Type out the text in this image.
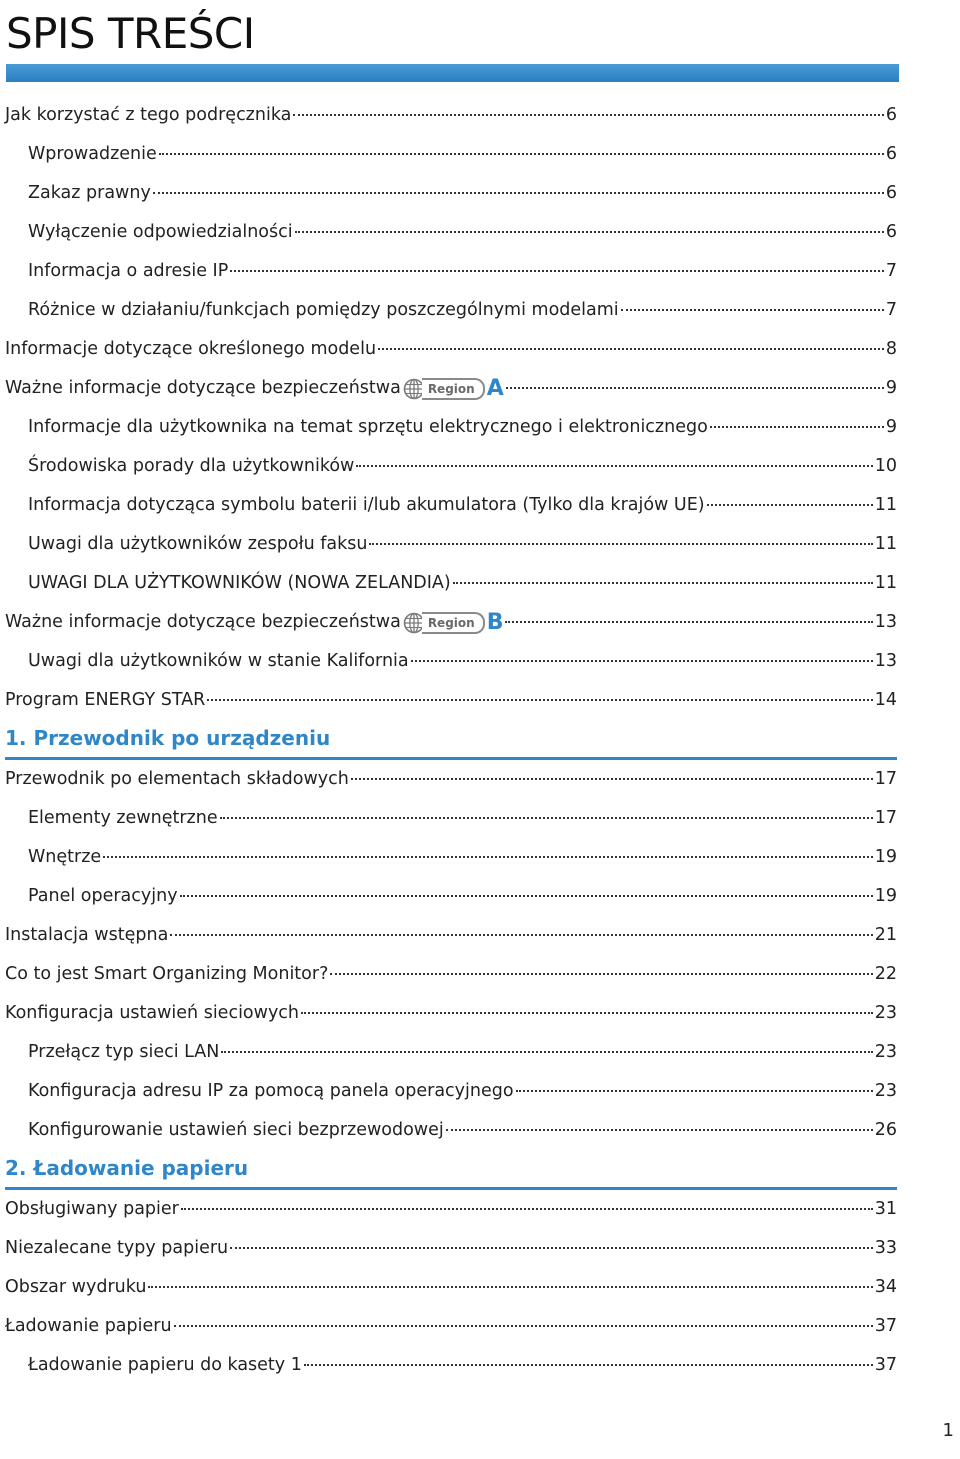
SPIS TREŚCI
Jak korzystać z tego podręcznika	6
Wprowadzenie	6
Zakaz prawny	6
Wyłączenie odpowiedzialności	6
Informacja o adresie IP	7
Różnice w działaniu/funkcjach pomiędzy poszczególnymi modelami	7
Informacje dotyczące określonego modelu	8
Ważne informacje dotyczące bezpieczeństwa	Region A	9
Informacje dla użytkownika na temat sprzętu elektrycznego i elektronicznego	9
Środowiska porady dla użytkowników	10
Informacja dotycząca symbolu baterii i/lub akumulatora (Tylko dla krajów UE)	11
Uwagi dla użytkowników zespołu faksu	11
UWAGI DLA UŻYTKOWNIKÓW (NOWA ZELANDIA)	11
Ważne informacje dotyczące bezpieczeństwa	Region B	13
Uwagi dla użytkowników w stanie Kalifornia	13
Program ENERGY STAR	14
1. Przewodnik po urządzeniu
Przewodnik po elementach składowych	17
Elementy zewnętrzne	17
Wnętrze	19
Panel operacyjny	19
Instalacja wstępna	21
Co to jest Smart Organizing Monitor?	22
Konfiguracja ustawień sieciowych	23
Przełącz typ sieci LAN	23
Konfiguracja adresu IP za pomocą panela operacyjnego	23
Konfigurowanie ustawień sieci bezprzewodowej	26
2. Ładowanie papieru
Obsługiwany papier	31
Niezalecane typy papieru	33
Obszar wydruku	34
Ładowanie papieru	37
Ładowanie papieru do kasety 1	37
1
